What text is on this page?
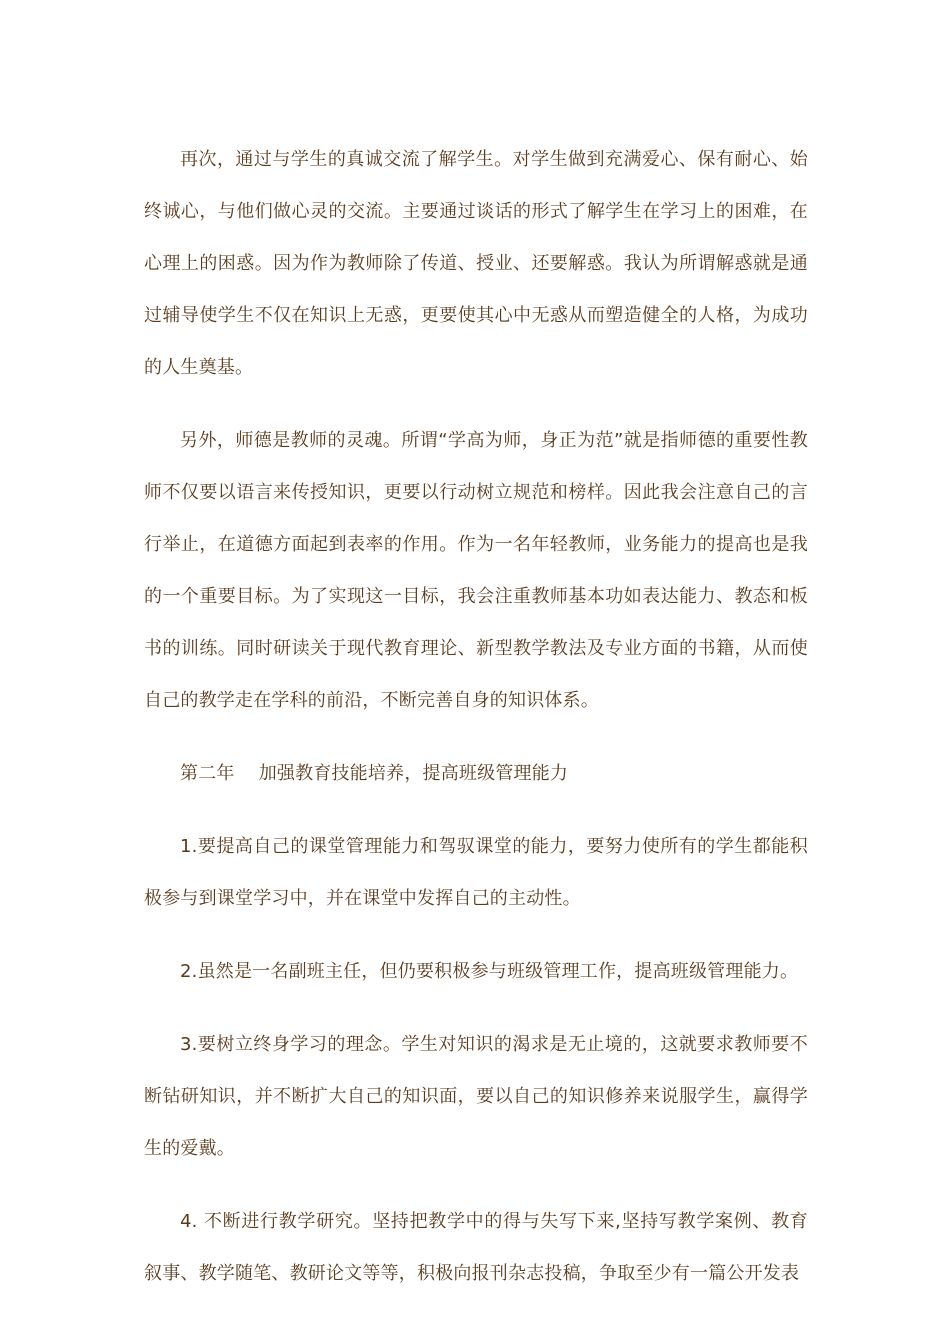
再次，通过与学生的真诚交流了解学生。对学生做到充满爱心、保有耐心、始终诚心，与他们做心灵的交流。主要通过谈话的形式了解学生在学习上的困难，在心理上的困惑。因为作为教师除了传道、授业、还要解惑。我认为所谓解惑就是通过辅导使学生不仅在知识上无惑，更要使其心中无惑从而塑造健全的人格，为成功的人生奠基。

另外，师德是教师的灵魂。所谓“学高为师，身正为范”就是指师德的重要性教师不仅要以语言来传授知识，更要以行动树立规范和榜样。因此我会注意自己的言行举止，在道德方面起到表率的作用。作为一名年轻教师，业务能力的提高也是我的一个重要目标。为了实现这一目标，我会注重教师基本功如表达能力、教态和板书的训练。同时研读关于现代教育理论、新型教学教法及专业方面的书籍，从而使自己的教学走在学科的前沿，不断完善自身的知识体系。

第二年　 加强教育技能培养，提高班级管理能力

1.要提高自己的课堂管理能力和驾驭课堂的能力，要努力使所有的学生都能积极参与到课堂学习中，并在课堂中发挥自己的主动性。

2.虽然是一名副班主任，但仍要积极参与班级管理工作，提高班级管理能力。

3.要树立终身学习的理念。学生对知识的渴求是无止境的，这就要求教师要不断钻研知识，并不断扩大自己的知识面，要以自己的知识修养来说服学生，赢得学生的爱戴。

4. 不断进行教学研究。坚持把教学中的得与失写下来,坚持写教学案例、教育叙事、教学随笔、教研论文等等，积极向报刊杂志投稿，争取至少有一篇公开发表
